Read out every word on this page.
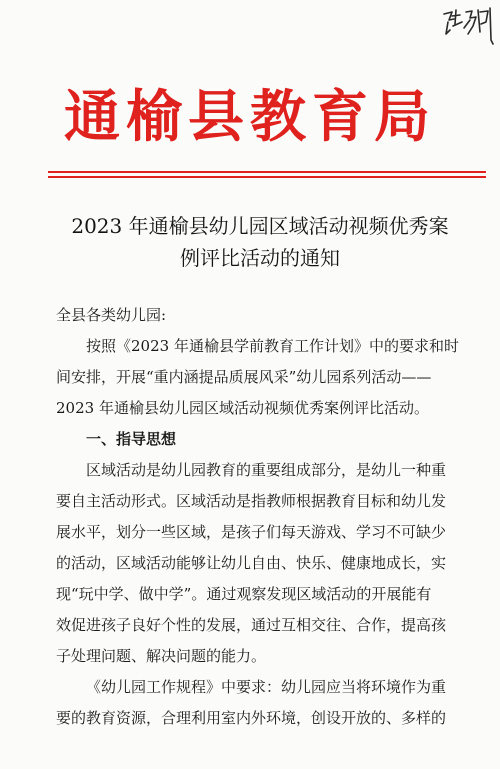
通榆县教育局
2023 年通榆县幼儿园区域活动视频优秀案
例评比活动的通知
全县各类幼儿园:
按照《2023 年通榆县学前教育工作计划》中的要求和时
间安排，开展“重内涵提品质展风采”幼儿园系列活动——
2023 年通榆县幼儿园区域活动视频优秀案例评比活动。
一、指导思想
区域活动是幼儿园教育的重要组成部分，是幼儿一种重
要自主活动形式。区域活动是指教师根据教育目标和幼儿发
展水平，划分一些区域，是孩子们每天游戏、学习不可缺少
的活动，区域活动能够让幼儿自由、快乐、健康地成长，实
现“玩中学、做中学”。通过观察发现区域活动的开展能有
效促进孩子良好个性的发展，通过互相交往、合作，提高孩
子处理问题、解决问题的能力。
《幼儿园工作规程》中要求：幼儿园应当将环境作为重
要的教育资源，合理利用室内外环境，创设开放的、多样的
